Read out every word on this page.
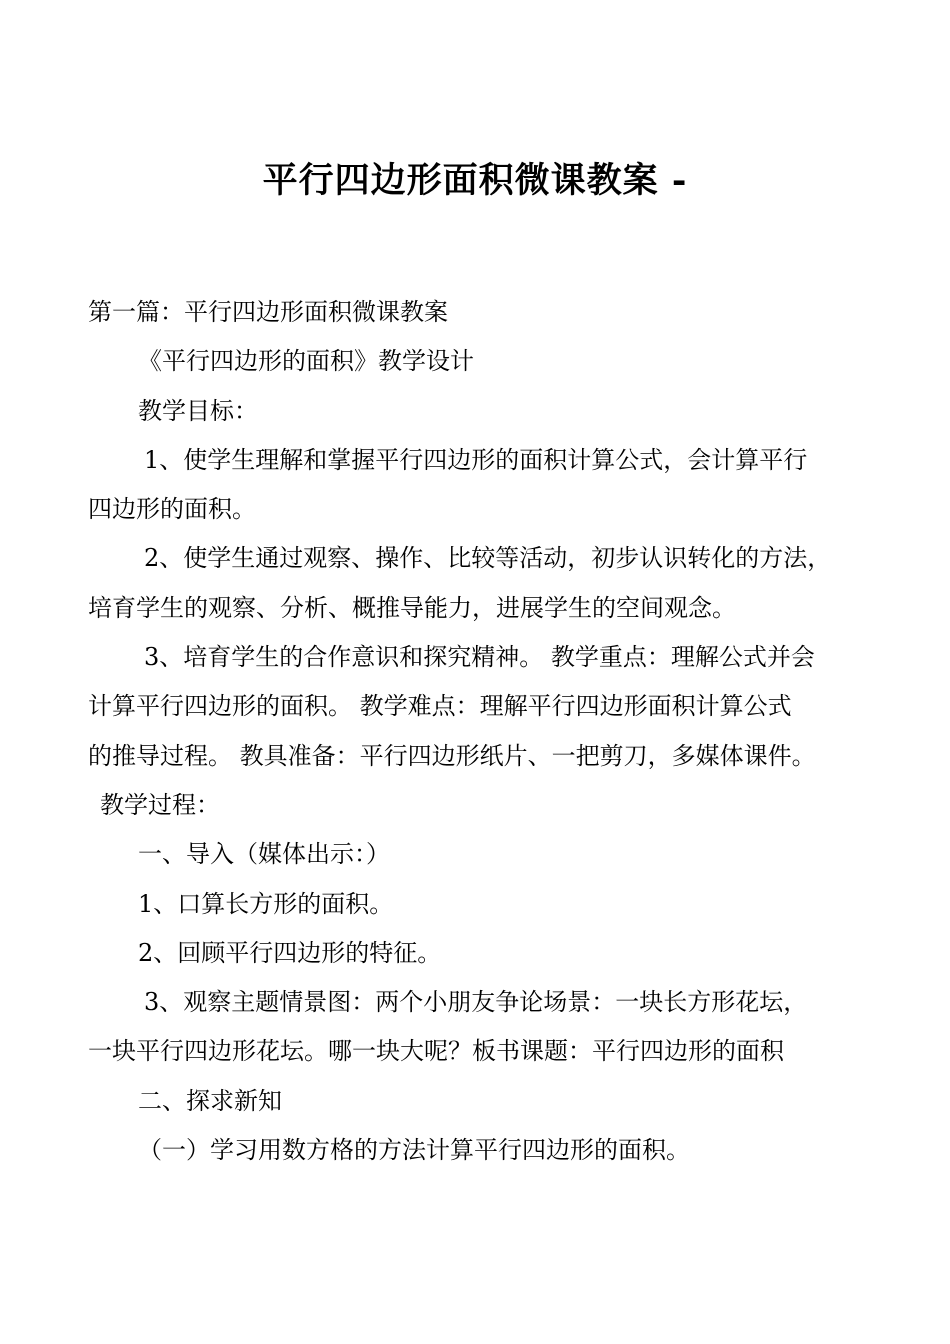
平行四边形面积微课教案 -
第一篇：平行四边形面积微课教案
《平行四边形的面积》教学设计
教学目标：
1、使学生理解和掌握平行四边形的面积计算公式，会计算平行
四边形的面积。
2、使学生通过观察、操作、比较等活动，初步认识转化的方法，
培育学生的观察、分析、概推导能力，进展学生的空间观念。
3、培育学生的合作意识和探究精神。 教学重点：理解公式并会
计算平行四边形的面积。 教学难点：理解平行四边形面积计算公式
的推导过程。 教具准备：平行四边形纸片、一把剪刀，多媒体课件。
教学过程：
一、导入（媒体出示：）
1、口算长方形的面积。
2、回顾平行四边形的特征。
3、观察主题情景图：两个小朋友争论场景：一块长方形花坛，
一块平行四边形花坛。哪一块大呢？板书课题：平行四边形的面积
二、探求新知
（一）学习用数方格的方法计算平行四边形的面积。
